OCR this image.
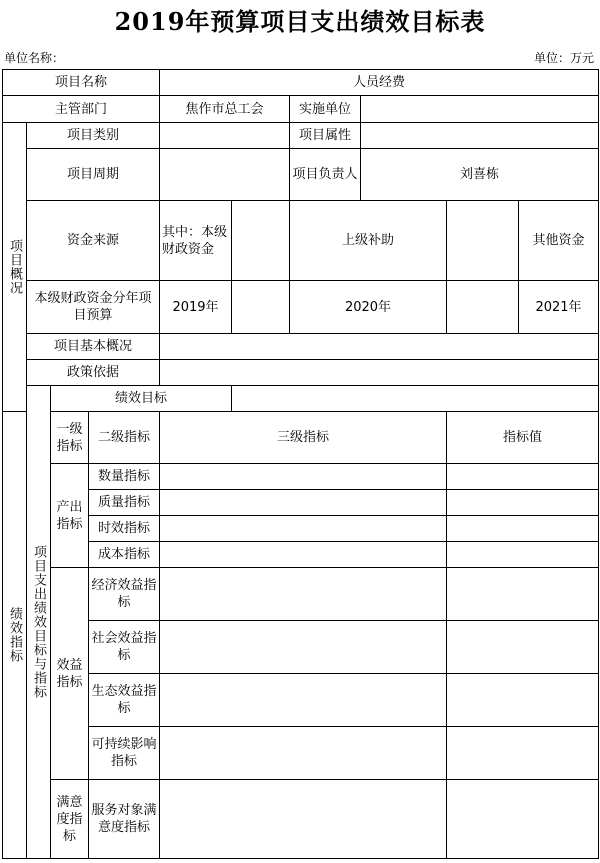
2019年预算项目支出绩效目标表
单位名称：	单位：万元
项目名称				人员经费						
主管部门				焦作市总工会		实施单位				
项目概况	项目类别					项目属性				
	项目周期					项目负责人	刘喜栋			
	资金来源			其中：本级财政资金		上级补助			其他资金	
	本级财政资金分年项目预算			2019年		2020年			2021年	
	项目基本概况									
	政策依据									
	项目支出绩效目标与指标	绩效目标								
绩效指标		一级指标	二级指标	三级指标				指标值		
		产出指标	数量指标							
			质量指标							
			时效指标							
			成本指标							
		效益指标	经济效益指标							
			社会效益指标							
			生态效益指标							
			可持续影响指标							
		满意度指标	服务对象满意度指标							
